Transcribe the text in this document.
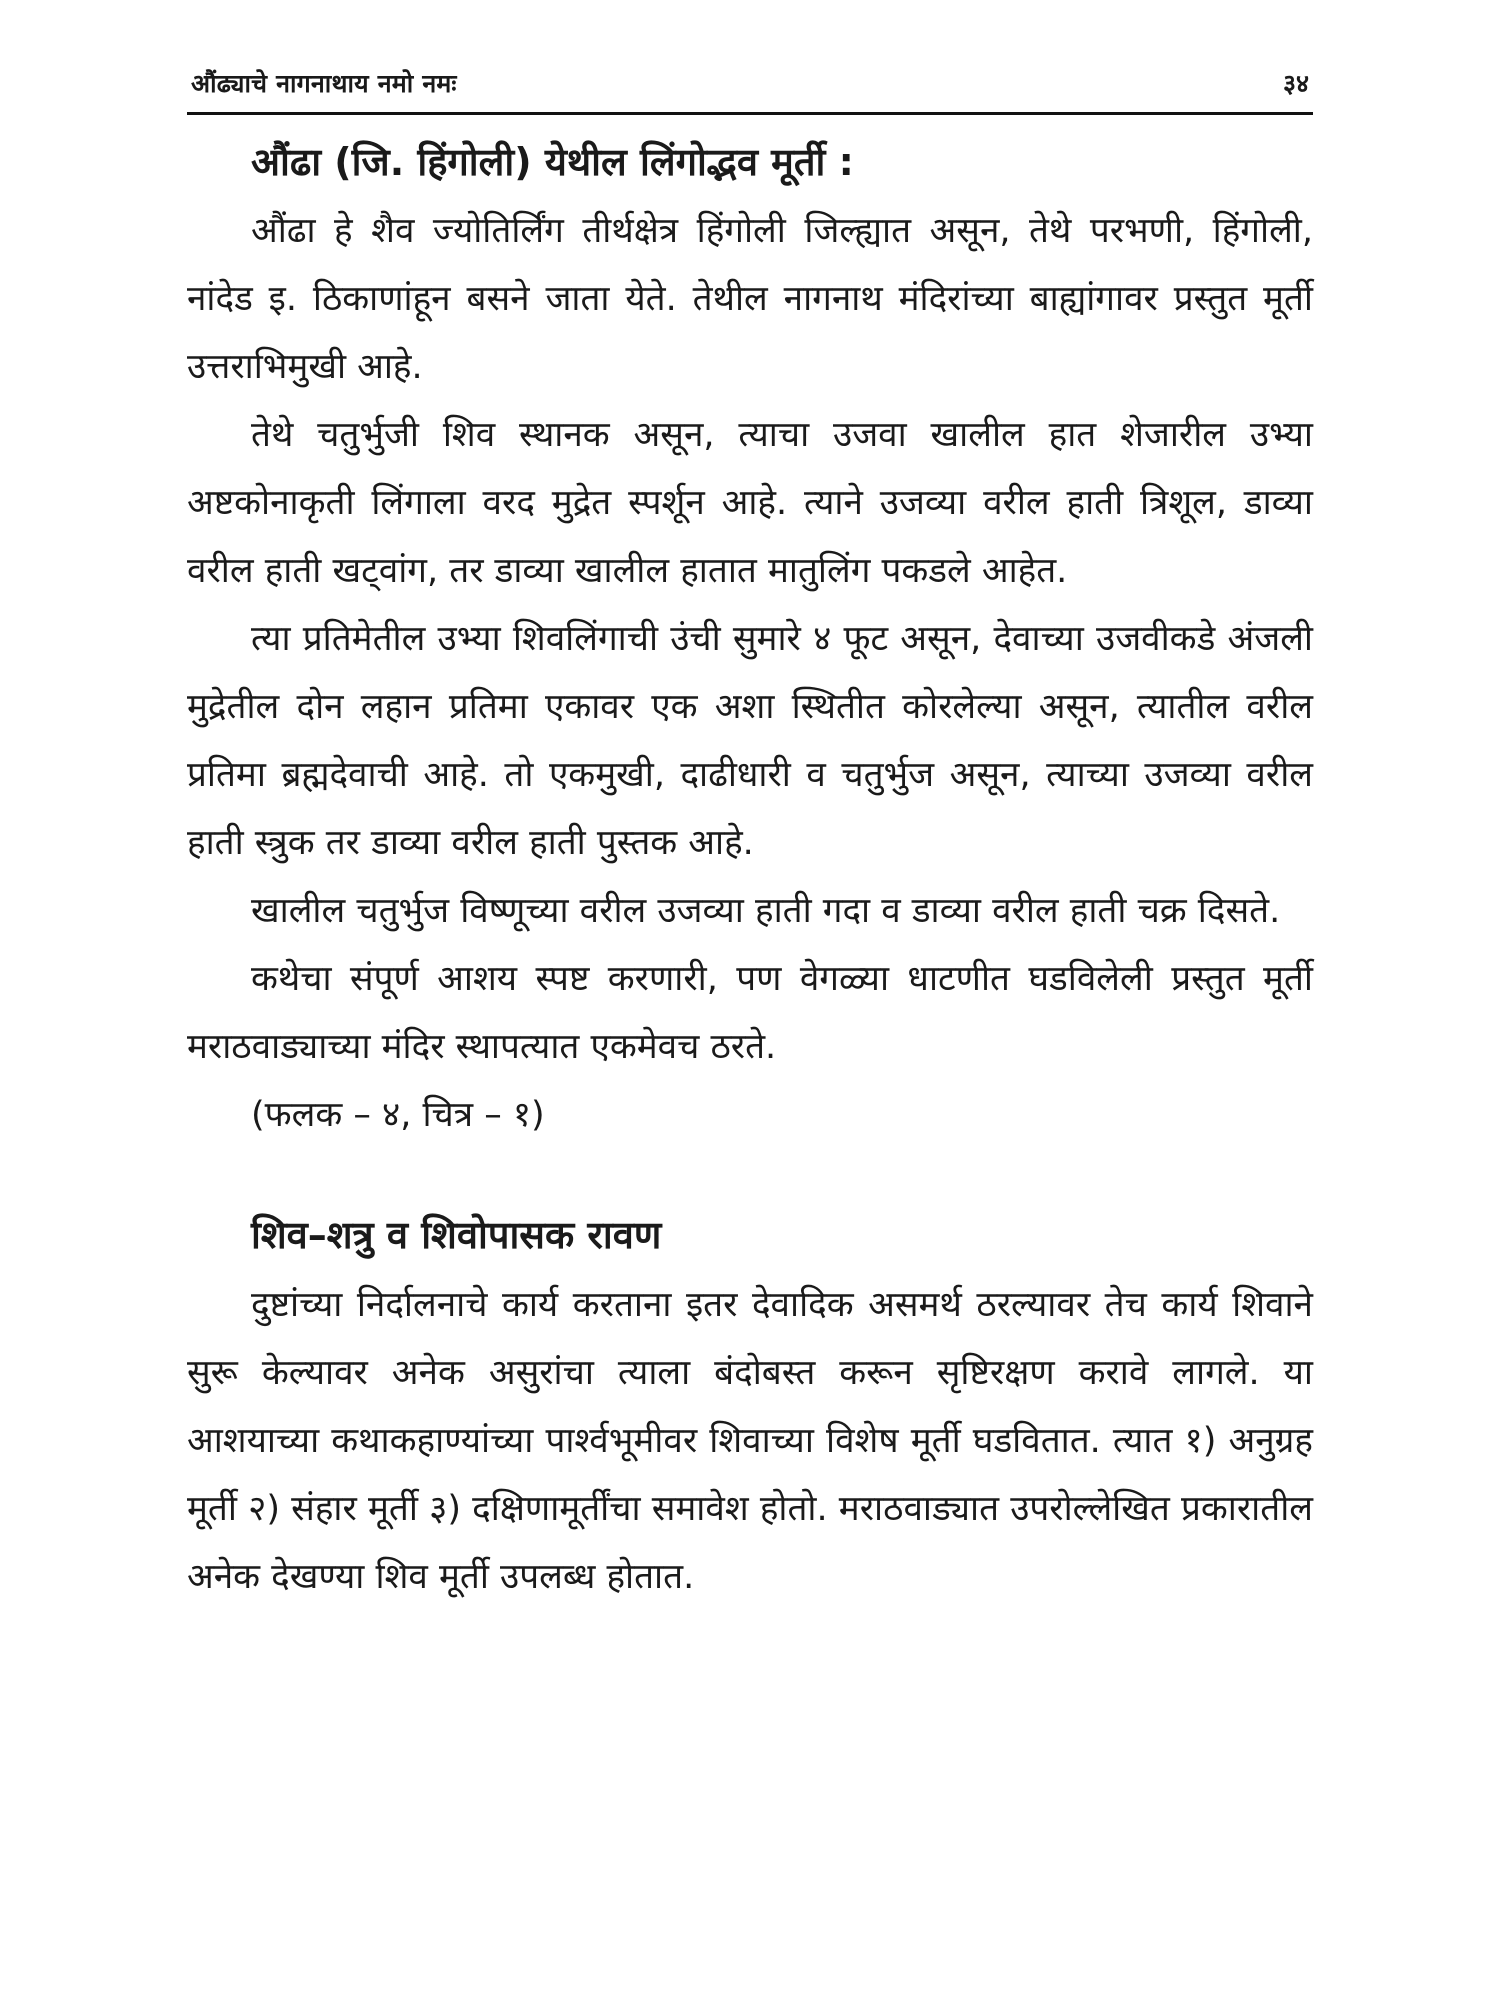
औंढ्याचे नागनाथाय नमो नमः	३४
औंढा (जि. हिंगोली) येथील लिंगोद्भव मूर्ती :

औंढा हे शैव ज्योतिर्लिंग तीर्थक्षेत्र हिंगोली जिल्ह्यात असून, तेथे परभणी, हिंगोली, नांदेड इ. ठिकाणांहून बसने जाता येते. तेथील नागनाथ मंदिरांच्या बाह्यांगावर प्रस्तुत मूर्ती उत्तराभिमुखी आहे.

तेथे चतुर्भुजी शिव स्थानक असून, त्याचा उजवा खालील हात शेजारील उभ्या अष्टकोनाकृती लिंगाला वरद मुद्रेत स्पर्शून आहे. त्याने उजव्या वरील हाती त्रिशूल, डाव्या वरील हाती खट्वांग, तर डाव्या खालील हातात मातुलिंग पकडले आहेत.

त्या प्रतिमेतील उभ्या शिवलिंगाची उंची सुमारे ४ फूट असून, देवाच्या उजवीकडे अंजली मुद्रेतील दोन लहान प्रतिमा एकावर एक अशा स्थितीत कोरलेल्या असून, त्यातील वरील प्रतिमा ब्रह्मदेवाची आहे. तो एकमुखी, दाढीधारी व चतुर्भुज असून, त्याच्या उजव्या वरील हाती स्त्रुक तर डाव्या वरील हाती पुस्तक आहे.

खालील चतुर्भुज विष्णूच्या वरील उजव्या हाती गदा व डाव्या वरील हाती चक्र दिसते.

कथेचा संपूर्ण आशय स्पष्ट करणारी, पण वेगळ्या धाटणीत घडविलेली प्रस्तुत मूर्ती मराठवाड्याच्या मंदिर स्थापत्यात एकमेवच ठरते.

(फलक – ४, चित्र – १)

शिव–शत्रु व शिवोपासक रावण

दुष्टांच्या निर्दालनाचे कार्य करताना इतर देवादिक असमर्थ ठरल्यावर तेच कार्य शिवाने सुरू केल्यावर अनेक असुरांचा त्याला बंदोबस्त करून सृष्टिरक्षण करावे लागले. या आशयाच्या कथाकहाण्यांच्या पार्श्वभूमीवर शिवाच्या विशेष मूर्ती घडवितात. त्यात १) अनुग्रह मूर्ती २) संहार मूर्ती ३) दक्षिणामूर्तींचा समावेश होतो. मराठवाड्यात उपरोल्लेखित प्रकारातील अनेक देखण्या शिव मूर्ती उपलब्ध होतात.
